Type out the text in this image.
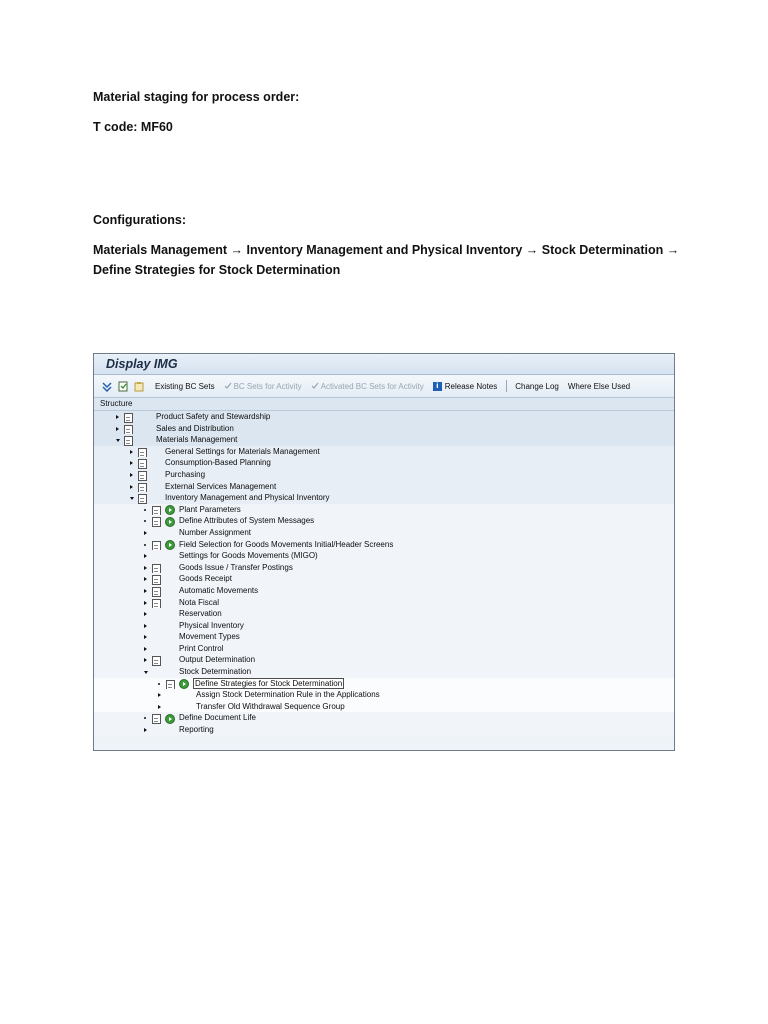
Material staging for process order:
T code: MF60
Configurations:
Materials Management → Inventory Management and Physical Inventory → Stock Determination →
Define Strategies for Stock Determination
Display IMG
Existing BC Sets BC Sets for Activity Activated BC Sets for Activity	i Release Notes Change Log Where Else Used
Structure
Product Safety and Stewardship
Sales and Distribution
Materials Management
General Settings for Materials Management
Consumption-Based Planning
Purchasing
External Services Management
Inventory Management and Physical Inventory
Plant Parameters
Define Attributes of System Messages
Number Assignment
Field Selection for Goods Movements Initial/Header Screens
Settings for Goods Movements (MIGO)
Goods Issue / Transfer Postings
Goods Receipt
Automatic Movements
Nota Fiscal
Reservation
Physical Inventory
Movement Types
Print Control
Output Determination
Stock Determination
Define Strategies for Stock Determination
Assign Stock Determination Rule in the Applications
Transfer Old Withdrawal Sequence Group
Define Document Life
Reporting
